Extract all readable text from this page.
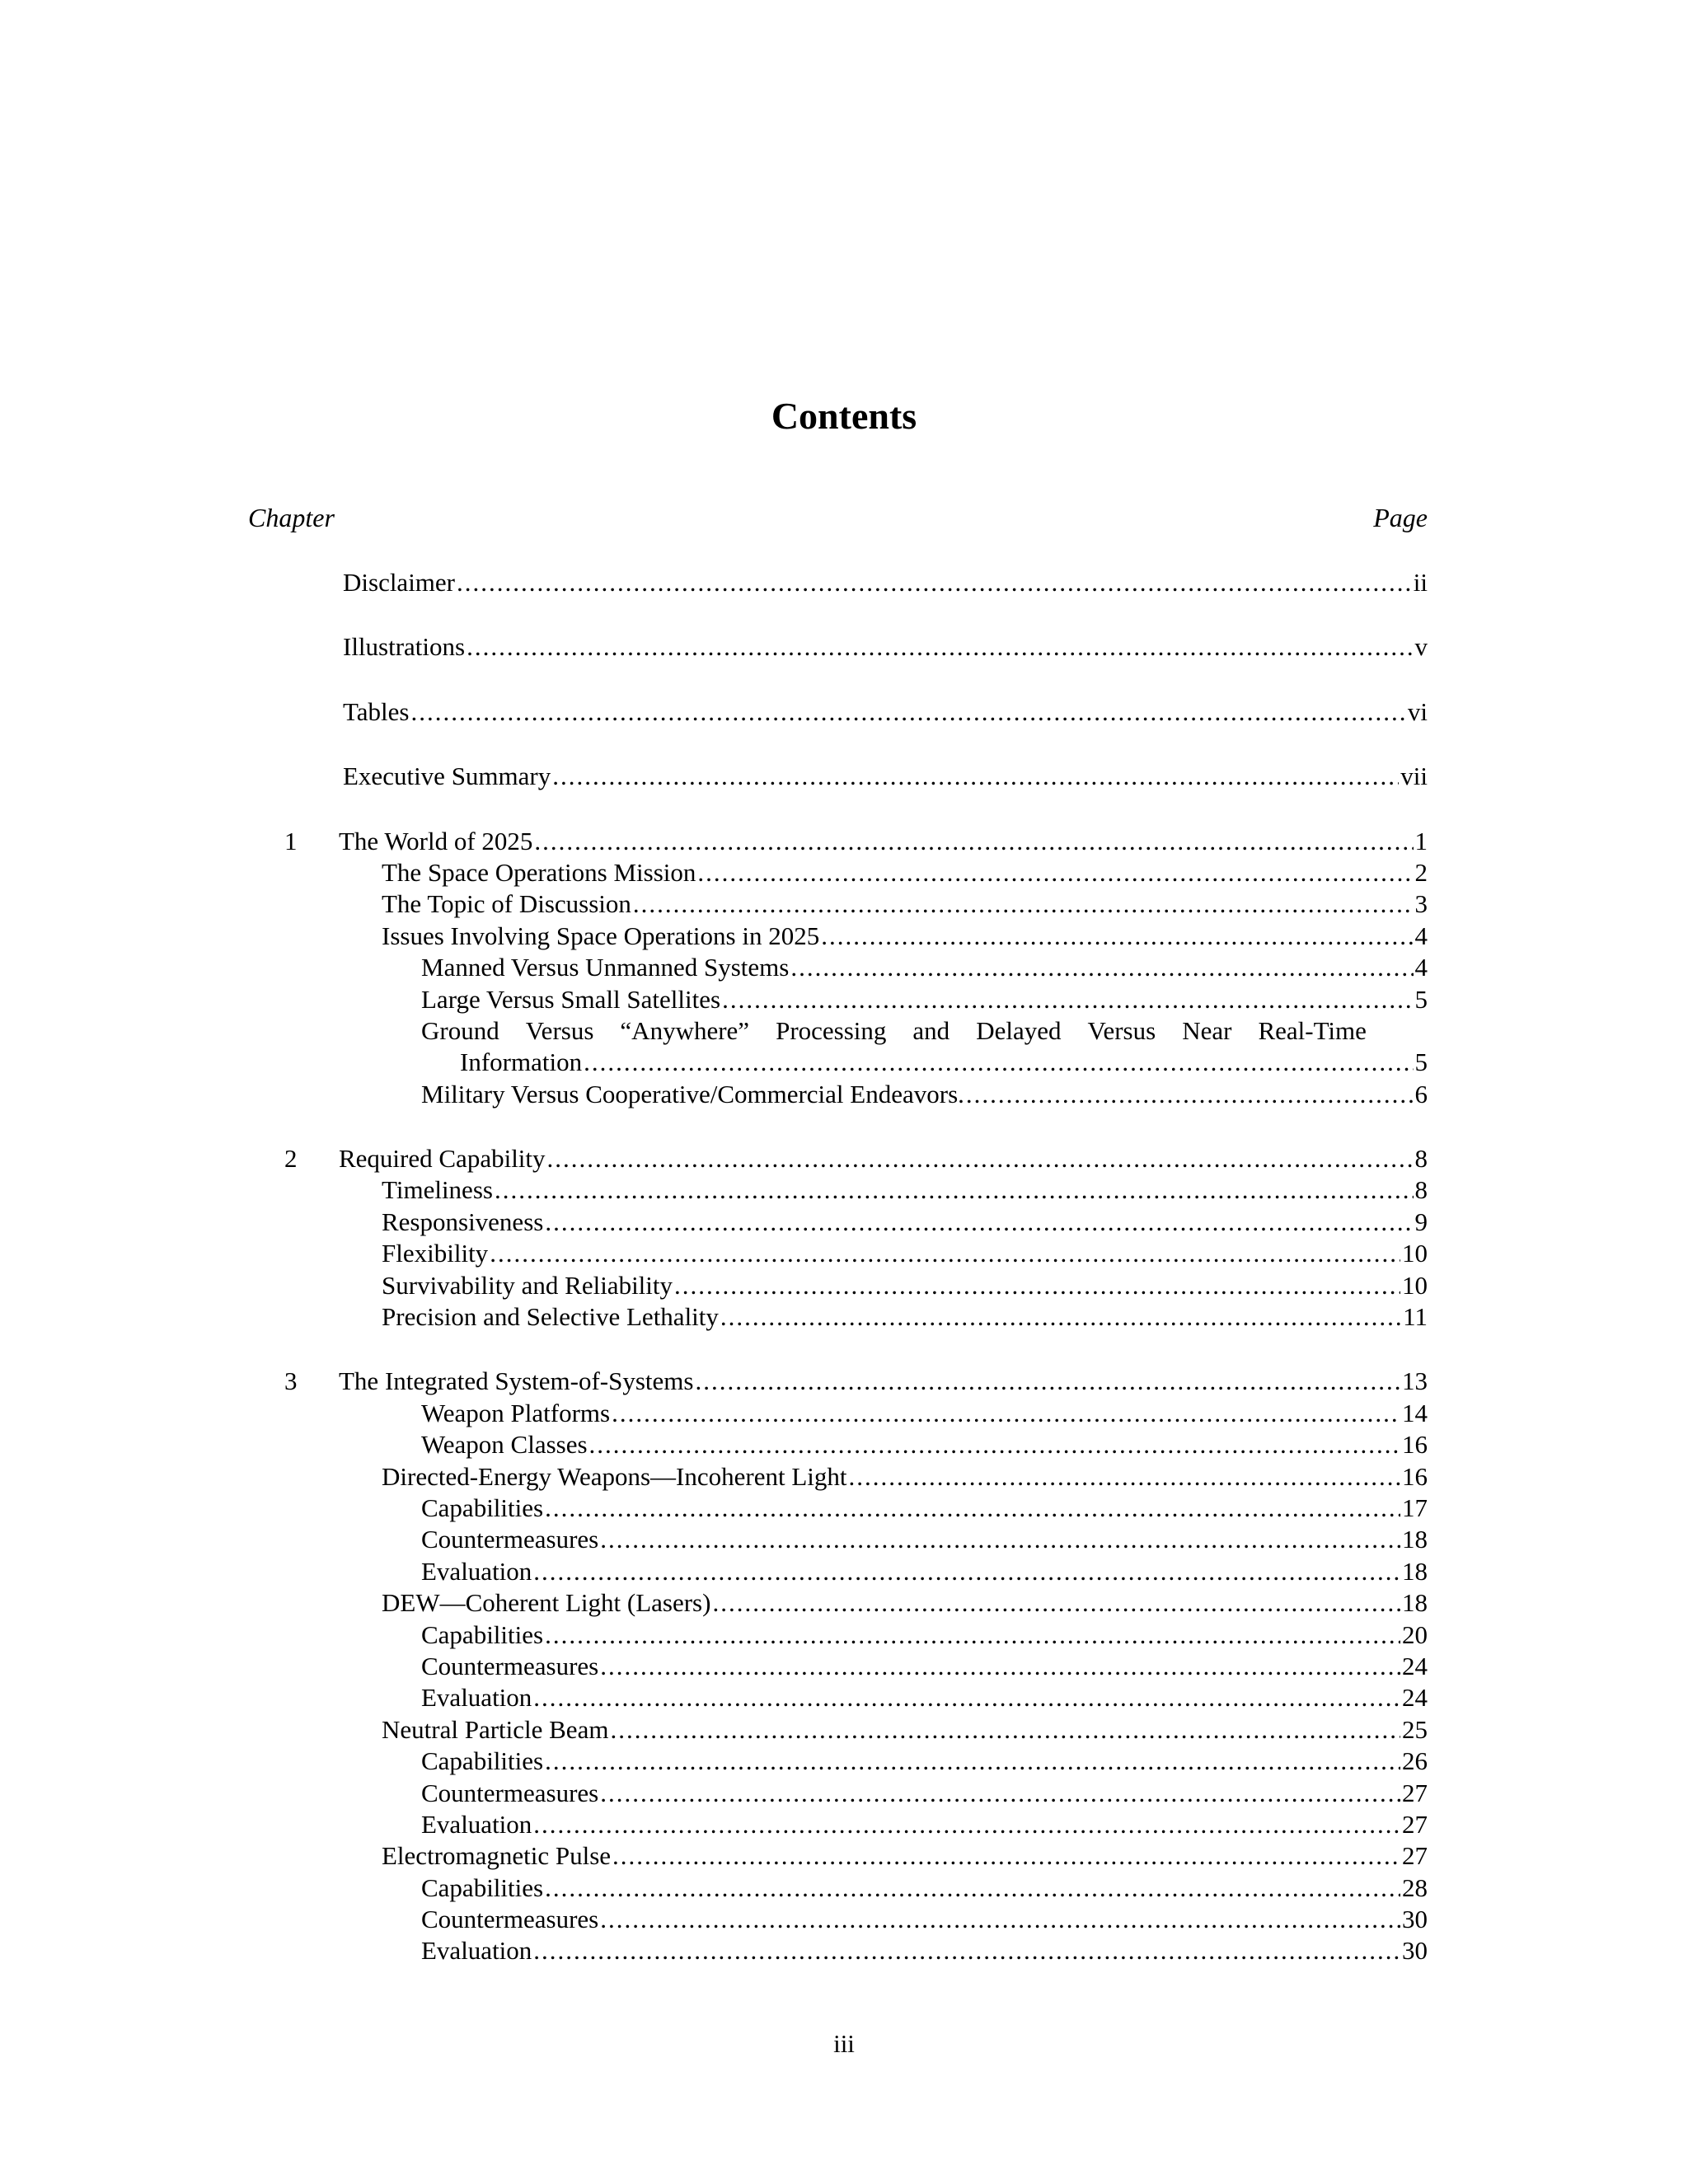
Contents
Chapter	Page
Disclaimer .....	ii
Illustrations .....	v
Tables .....	vi
Executive Summary .....	vii
1 The World of 2025 .....	1
The Space Operations Mission .....	2
The Topic of Discussion .....	3
Issues Involving Space Operations in 2025 .....	4
Manned Versus Unmanned Systems .....	4
Large Versus Small Satellites .....	5
Ground Versus “Anywhere” Processing and Delayed Versus Near Real-Time
Information .....	5
Military Versus Cooperative/Commercial Endeavors. .....	6
2 Required Capability .....	8
Timeliness .....	8
Responsiveness .....	9
Flexibility .....	10
Survivability and Reliability .....	10
Precision and Selective Lethality .....	11
3 The Integrated System-of-Systems .....	13
Weapon Platforms .....	14
Weapon Classes .....	16
Directed-Energy Weapons—Incoherent Light .....	16
Capabilities .....	17
Countermeasures .....	18
Evaluation .....	18
DEW—Coherent Light (Lasers) .....	18
Capabilities .....	20
Countermeasures .....	24
Evaluation .....	24
Neutral Particle Beam .....	25
Capabilities .....	26
Countermeasures .....	27
Evaluation .....	27
Electromagnetic Pulse .....	27
Capabilities .....	28
Countermeasures .....	30
Evaluation .....	30
iii
